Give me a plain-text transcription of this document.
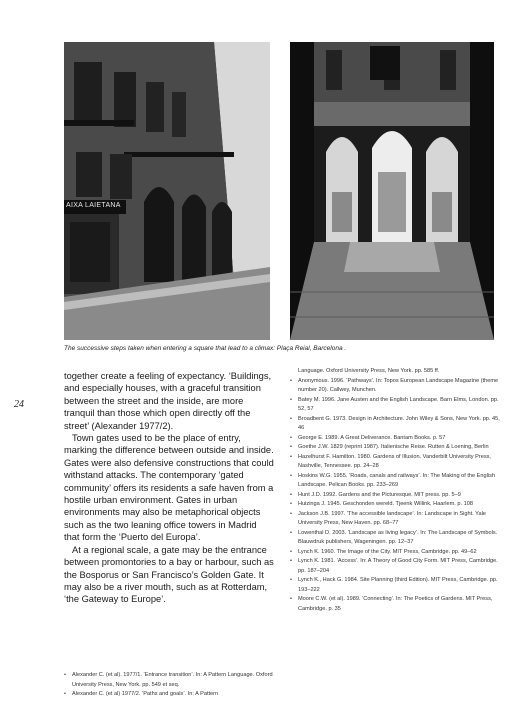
AIXA LAIETANA
The successive steps taken when entering a square that lead to a climax: Plaça Reial, Barcelona .
24

together create a feeling of expectancy. ‘Buildings, and especially houses, with a graceful transition between the street and the inside, are more tranquil than those which open directly off the street’ (Alexander 1977/2).

Town gates used to be the place of entry, marking the difference between outside and inside. Gates were also defensive constructions that could withstand attacks. The contemporary ‘gated community’ offers its residents a safe haven from a hostile urban environment. Gates in urban environments may also be metaphorical objects such as the two leaning office towers in Madrid that form the ‘Puerto del Europa’.

At a regional scale, a gate may be the entrance between promontories to a bay or harbour, such as the Bosporus or San Francisco’s Golden Gate. It may also be a river mouth, such as at Rotterdam, ‘the Gateway to Europe’.

• Alexander C. (et al). 1977/1. ‘Entrance transition’. In: A Pattern Language. Oxford University Press, New York. pp. 549 et seq.
• Alexander C. (et al) 1977/2. ‘Paths and goals’. In: A Pattern
Language. Oxford University Press, New York. pp. 585 ff.
• Anonymous. 1996. ‘Pathways’. In: Topos European Landscape Magazine (theme number 20). Callwey, Munchen.
• Batey M. 1996. Jane Austen and the English Landscape. Barn Elms, London. pp. 52, 57
• Broadbent G. 1973. Design in Architecture. John Wiley & Sons, New York. pp. 45, 46
• George E. 1989. A Great Deliverance. Bantam Books. p. 57
• Goethe J.W. 1829 (reprint 1987). Italienische Reise. Rutten & Loening, Berlin
• Hazelhurst F. Hamilton. 1980. Gardens of Illusion. Vanderbilt University Press, Nashville, Tennessee. pp. 24–28
• Hoskins W.G. 1955. ‘Roads, canals and railways’. In: The Making of the English Landscape. Pelican Books. pp. 233–269
• Hunt J.D. 1992. Gardens and the Picturesque. MIT press. pp. 5–9
• Huizinga J. 1945. Geschonden wereld. Tjeenk Willink, Haarlem. p. 108
• Jackson J.B. 1997. ‘The accessible landscape’. In: Landscape in Sight. Yale University Press, New Haven. pp. 68–77
• Lowenthal D. 2003. ‘Landscape as living legacy’. In: The Landscape of Symbols. Blauwdruk publishers, Wageningen. pp. 12–37
• Lynch K. 1960. The Image of the City. MIT Press, Cambridge. pp. 49–62
• Lynch K. 1981. ‘Access’. In: A Theory of Good City Form. MIT Press, Cambridge. pp. 187–204
• Lynch K., Hack G. 1984. Site Planning (third Edition). MIT Press, Cambridge. pp. 193–222
• Moore C.W. (et al). 1989. ‘Connecting’. In: The Poetics of Gardens. MIT Press, Cambridge. p. 35
